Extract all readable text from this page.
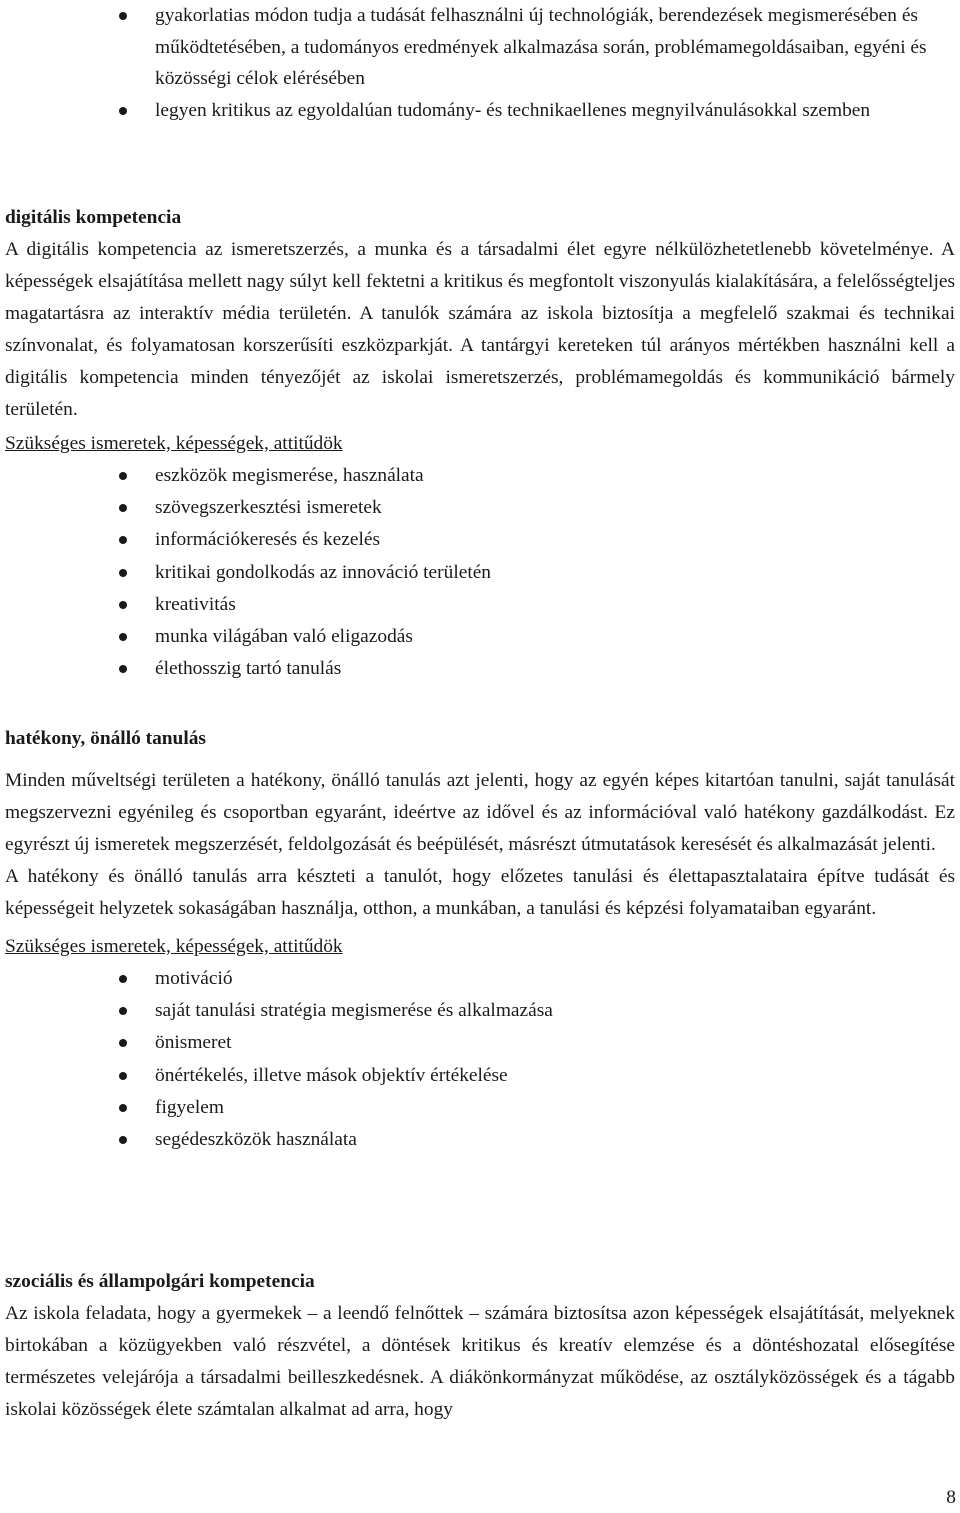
gyakorlatias módon tudja a tudását felhasználni új technológiák, berendezések megismerésében és működtetésében, a tudományos eredmények alkalmazása során, problémamegoldásaiban, egyéni és közösségi célok elérésében
legyen kritikus az egyoldalúan tudomány- és technikaellenes megnyilvánulásokkal szemben
digitális kompetencia

A digitális kompetencia az ismeretszerzés, a munka és a társadalmi élet egyre nélkülözhetetlenebb követelménye. A képességek elsajátítása mellett nagy súlyt kell fektetni a kritikus és megfontolt viszonyulás kialakítására, a felelősségteljes magatartásra az interaktív média területén. A tanulók számára az iskola biztosítja a megfelelő szakmai és technikai színvonalat, és folyamatosan korszerűsíti eszközparkját. A tantárgyi kereteken túl arányos mértékben használni kell a digitális kompetencia minden tényezőjét az iskolai ismeretszerzés, problémamegoldás és kommunikáció bármely területén.

Szükséges ismeretek, képességek, attitűdök

eszközök megismerése, használata
szövegszerkesztési ismeretek
információkeresés és kezelés
kritikai gondolkodás az innováció területén
kreativitás
munka világában való eligazodás
élethosszig tartó tanulás
hatékony, önálló tanulás

Minden műveltségi területen a hatékony, önálló tanulás azt jelenti, hogy az egyén képes kitartóan tanulni, saját tanulását megszervezni egyénileg és csoportban egyaránt, ideértve az idővel és az információval való hatékony gazdálkodást. Ez egyrészt új ismeretek megszerzését, feldolgozását és beépülését, másrészt útmutatások keresését és alkalmazását jelenti.

A hatékony és önálló tanulás arra készteti a tanulót, hogy előzetes tanulási és élettapasztalataira építve tudását és képességeit helyzetek sokaságában használja, otthon, a munkában, a tanulási és képzési folyamataiban egyaránt.

Szükséges ismeretek, képességek, attitűdök

motiváció
saját tanulási stratégia megismerése és alkalmazása
önismeret
önértékelés, illetve mások objektív értékelése
figyelem
segédeszközök használata
szociális és állampolgári kompetencia

Az iskola feladata, hogy a gyermekek – a leendő felnőttek – számára biztosítsa azon képességek elsajátítását, melyeknek birtokában a közügyekben való részvétel, a döntések kritikus és kreatív elemzése és a döntéshozatal elősegítése természetes velejárója a társadalmi beilleszkedésnek. A diákönkormányzat működése, az osztályközösségek és a tágabb iskolai közösségek élete számtalan alkalmat ad arra, hogy

8
